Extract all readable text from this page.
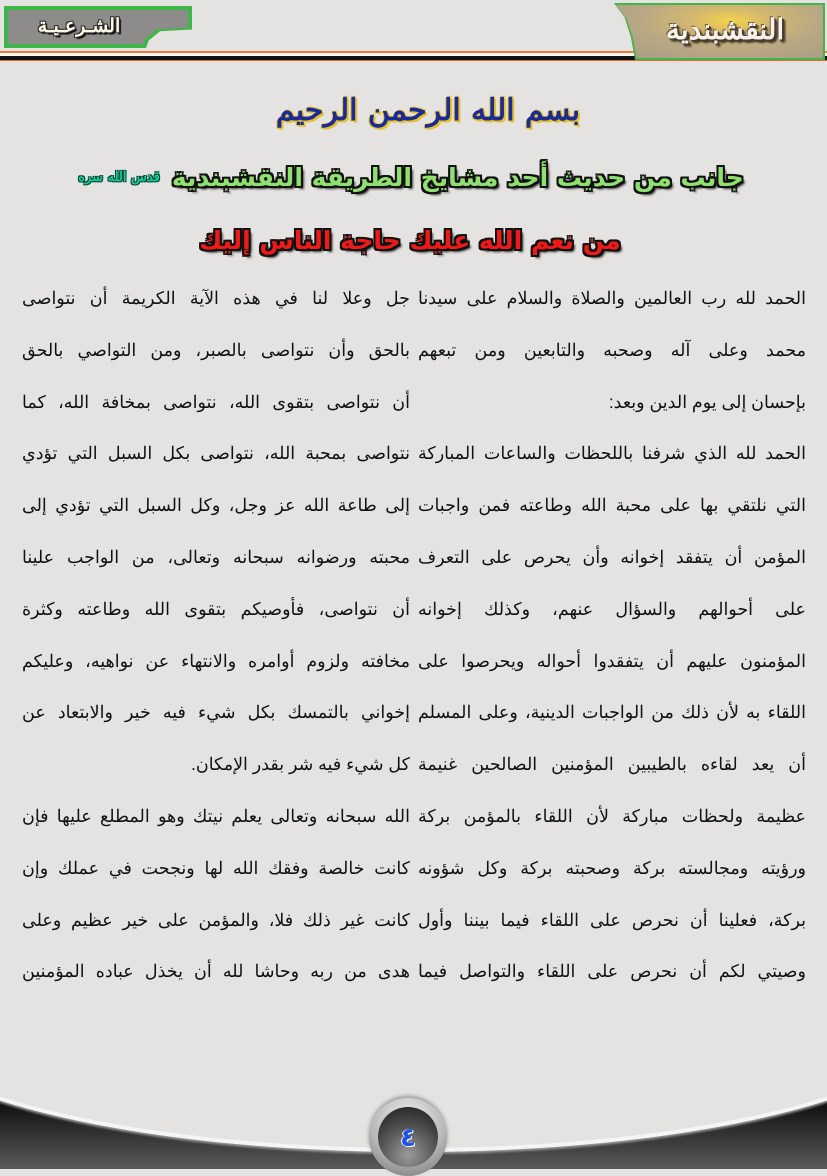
الشـرعـيـة	النقشبندية
بسم الله الرحمن الرحيم
جانب من حديث أحد مشايخ الطريقة النقشبندية
قدس الله سره
من نعم الله عليك حاجة الناس إليك
الحمد لله رب العالمين والصلاة والسلام على سيدنا
محمد وعلى آله وصحبه والتابعين ومن تبعهم
بإحسان إلى يوم الدين وبعد:
الحمد لله الذي شرفنا باللحظات والساعات المباركة
التي نلتقي بها على محبة الله وطاعته فمن واجبات
المؤمن أن يتفقد إخوانه وأن يحرص على التعرف
على أحوالهم والسؤال عنهم، وكذلك إخوانه
المؤمنون عليهم أن يتفقدوا أحواله ويحرصوا على
اللقاء به لأن ذلك من الواجبات الدينية، وعلى المسلم
أن يعد لقاءه بالطيبين المؤمنين الصالحين غنيمة
عظيمة ولحظات مباركة لأن اللقاء بالمؤمن بركة
ورؤيته ومجالسته بركة وصحبته بركة وكل شؤونه
بركة، فعلينا أن نحرص على اللقاء فيما بيننا وأول
وصيتي لكم أن نحرص على اللقاء والتواصل فيما
جل وعلا لنا في هذه الآية الكريمة أن نتواصى
بالحق وأن نتواصى بالصبر، ومن التواصي بالحق
أن نتواصى بتقوى الله، نتواصى بمخافة الله، كما
نتواصى بمحبة الله، نتواصى بكل السبل التي تؤدي
إلى طاعة الله عز وجل، وكل السبل التي تؤدي إلى
محبته ورضوانه سبحانه وتعالى، من الواجب علينا
أن نتواصى، فأوصيكم بتقوى الله وطاعته وكثرة
مخافته ولزوم أوامره والانتهاء عن نواهيه، وعليكم
إخواني بالتمسك بكل شيء فيه خير والابتعاد عن
كل شيء فيه شر بقدر الإمكان.
الله سبحانه وتعالى يعلم نيتك وهو المطلع عليها فإن
كانت خالصة وفقك الله لها ونجحت في عملك وإن
كانت غير ذلك فلا، والمؤمن على خير عظيم وعلى
هدى من ربه وحاشا لله أن يخذل عباده المؤمنين
٤
